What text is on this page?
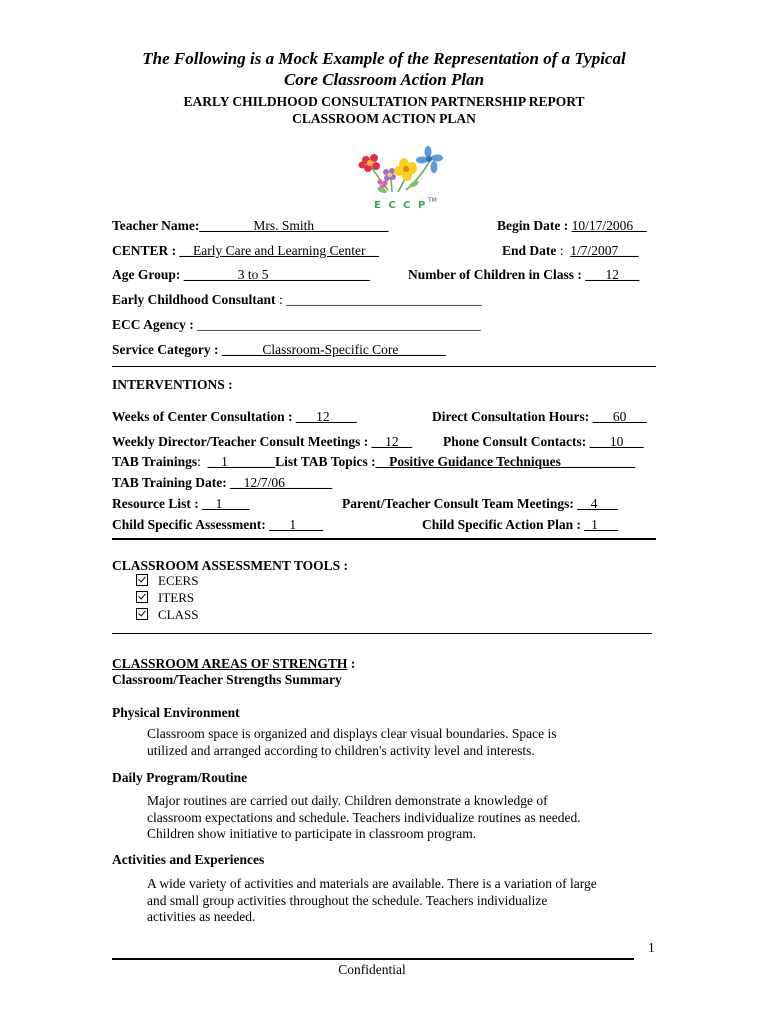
The Following is a Mock Example of the Representation of a Typical
Core Classroom Action Plan
EARLY CHILDHOOD CONSULTATION PARTNERSHIP REPORT
CLASSROOM ACTION PLAN
E C C P TM
Teacher Name:________Mrs. Smith___________	Begin Date : 10/17/2006__
CENTER : __Early Care and Learning Center__	End Date :  1/7/2007___
Age Group: ________3 to 5_______________	Number of Children in Class : ___12___
Early Childhood Consultant : _____________________________
ECC Agency : __________________________________________
Service Category : ______Classroom-Specific Core_______
INTERVENTIONS :
Weeks of Center Consultation : ___12____	Direct Consultation Hours: ___60___
Weekly Director/Teacher Consult Meetings : __12__ Phone Consult Contacts: ___10___
TAB Trainings:  __1_______List TAB Topics :__Positive Guidance Techniques___________
TAB Training Date: __12/7/06_______
Resource List : __1____	Parent/Teacher Consult Team Meetings: __4___
Child Specific Assessment: ___1____	Child Specific Action Plan : _1___
CLASSROOM ASSESSMENT TOOLS :
ECERS
ITERS
CLASS
CLASSROOM AREAS OF STRENGTH :
Classroom/Teacher Strengths Summary
Physical Environment
Classroom space is organized and displays clear visual boundaries. Space is
utilized and arranged according to children's activity level and interests.
Daily Program/Routine
Major routines are carried out daily. Children demonstrate a knowledge of
classroom expectations and schedule. Teachers individualize routines as needed.
Children show initiative to participate in classroom program.
Activities and Experiences
A wide variety of activities and materials are available. There is a variation of large
and small group activities throughout the schedule. Teachers individualize
activities as needed.
1
Confidential
